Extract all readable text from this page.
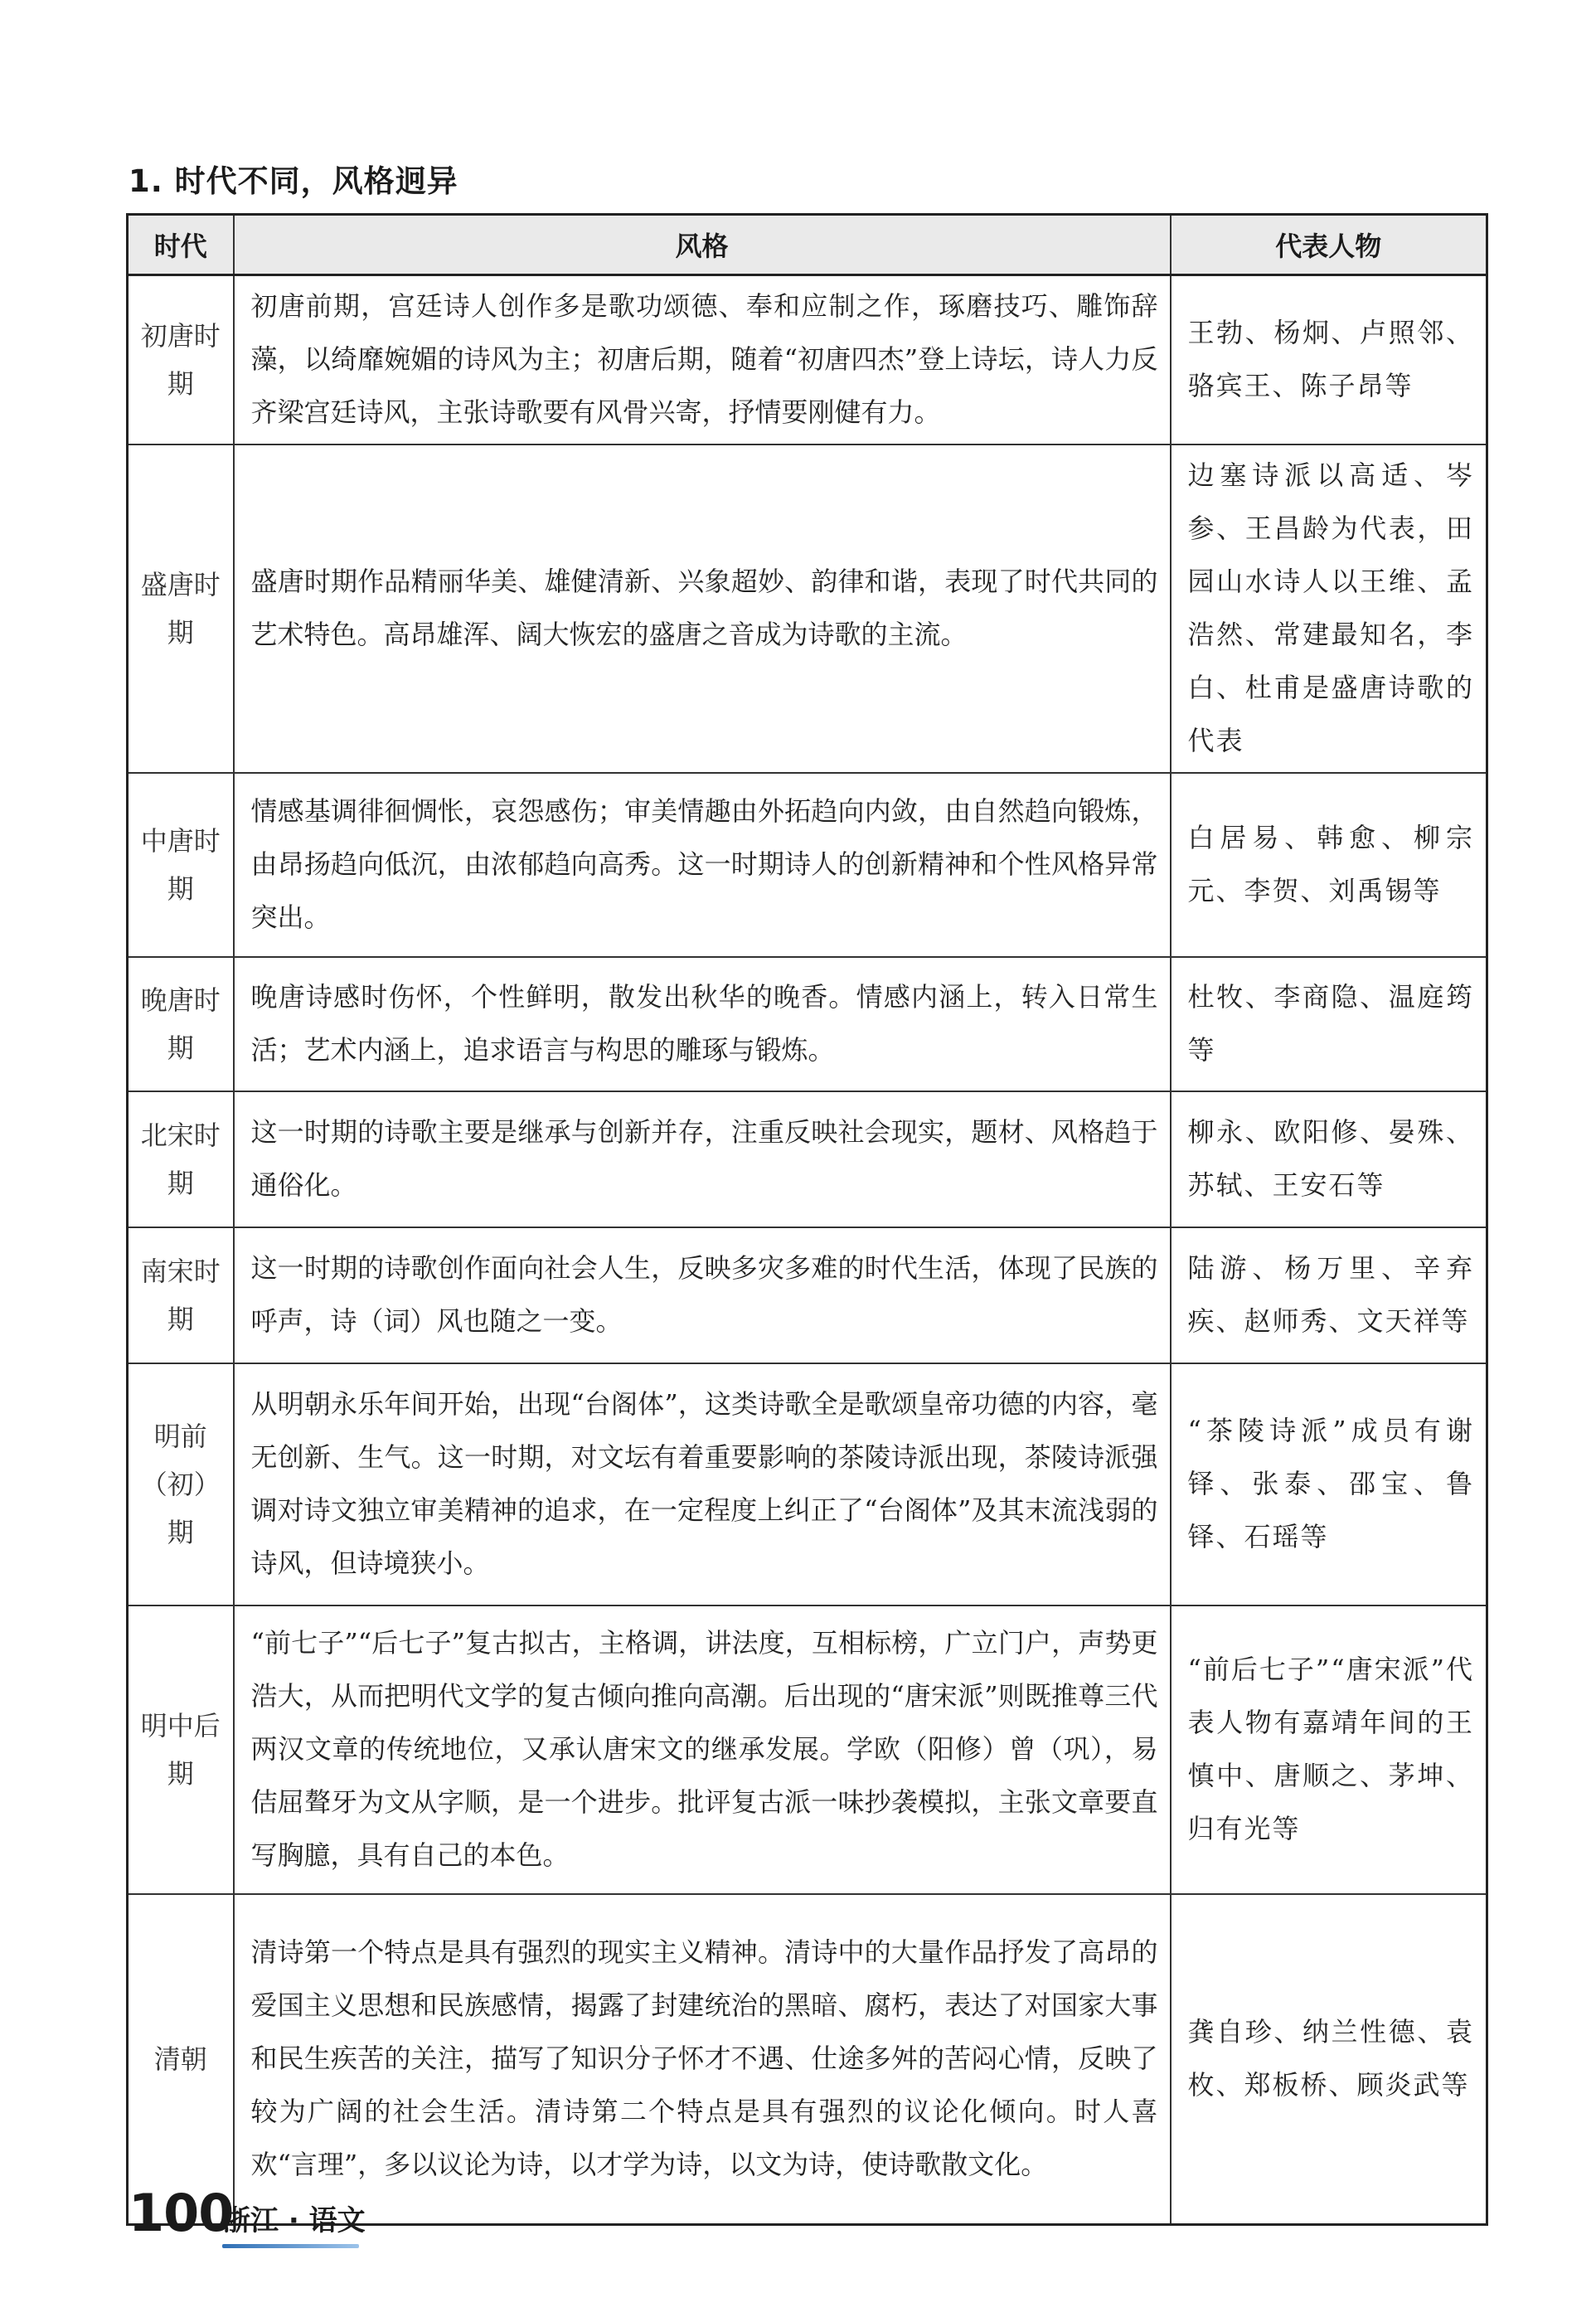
1. 时代不同，风格迥异
时代	风格	代表人物
初唐时期	初唐前期，宫廷诗人创作多是歌功颂德、奉和应制之作，琢磨技巧、雕饰辞藻，以绮靡婉媚的诗风为主；初唐后期，随着“初唐四杰”登上诗坛，诗人力反齐梁宫廷诗风，主张诗歌要有风骨兴寄，抒情要刚健有力。	王勃、杨炯、卢照邻、骆宾王、陈子昂等
盛唐时期	盛唐时期作品精丽华美、雄健清新、兴象超妙、韵律和谐，表现了时代共同的艺术特色。高昂雄浑、阔大恢宏的盛唐之音成为诗歌的主流。	边塞诗派以高适、岑参、王昌龄为代表，田园山水诗人以王维、孟浩然、常建最知名，李白、杜甫是盛唐诗歌的代表
中唐时期	情感基调徘徊惆怅，哀怨感伤；审美情趣由外拓趋向内敛，由自然趋向锻炼，由昂扬趋向低沉，由浓郁趋向高秀。这一时期诗人的创新精神和个性风格异常突出。	白居易、韩愈、柳宗元、李贺、刘禹锡等
晚唐时期	晚唐诗感时伤怀，个性鲜明，散发出秋华的晚香。情感内涵上，转入日常生活；艺术内涵上，追求语言与构思的雕琢与锻炼。	杜牧、李商隐、温庭筠等
北宋时期	这一时期的诗歌主要是继承与创新并存，注重反映社会现实，题材、风格趋于通俗化。	柳永、欧阳修、晏殊、苏轼、王安石等
南宋时期	这一时期的诗歌创作面向社会人生，反映多灾多难的时代生活，体现了民族的呼声，诗（词）风也随之一变。	陆游、杨万里、辛弃疾、赵师秀、文天祥等
明前（初）期	从明朝永乐年间开始，出现“台阁体”，这类诗歌全是歌颂皇帝功德的内容，毫无创新、生气。这一时期，对文坛有着重要影响的茶陵诗派出现，茶陵诗派强调对诗文独立审美精神的追求，在一定程度上纠正了“台阁体”及其末流浅弱的诗风，但诗境狭小。	“茶陵诗派”成员有谢铎、张泰、邵宝、鲁铎、石瑶等
明中后期	“前七子”“后七子”复古拟古，主格调，讲法度，互相标榜，广立门户，声势更浩大，从而把明代文学的复古倾向推向高潮。后出现的“唐宋派”则既推尊三代两汉文章的传统地位，又承认唐宋文的继承发展。学欧（阳修）曾（巩），易佶屈聱牙为文从字顺，是一个进步。批评复古派一味抄袭模拟，主张文章要直写胸臆，具有自己的本色。	“前后七子”“唐宋派”代表人物有嘉靖年间的王慎中、唐顺之、茅坤、归有光等
清朝	清诗第一个特点是具有强烈的现实主义精神。清诗中的大量作品抒发了高昂的爱国主义思想和民族感情，揭露了封建统治的黑暗、腐朽，表达了对国家大事和民生疾苦的关注，描写了知识分子怀才不遇、仕途多舛的苦闷心情，反映了较为广阔的社会生活。清诗第二个特点是具有强烈的议论化倾向。时人喜欢“言理”，多以议论为诗，以才学为诗，以文为诗，使诗歌散文化。	龚自珍、纳兰性德、袁枚、郑板桥、顾炎武等
100
浙江 · 语文
